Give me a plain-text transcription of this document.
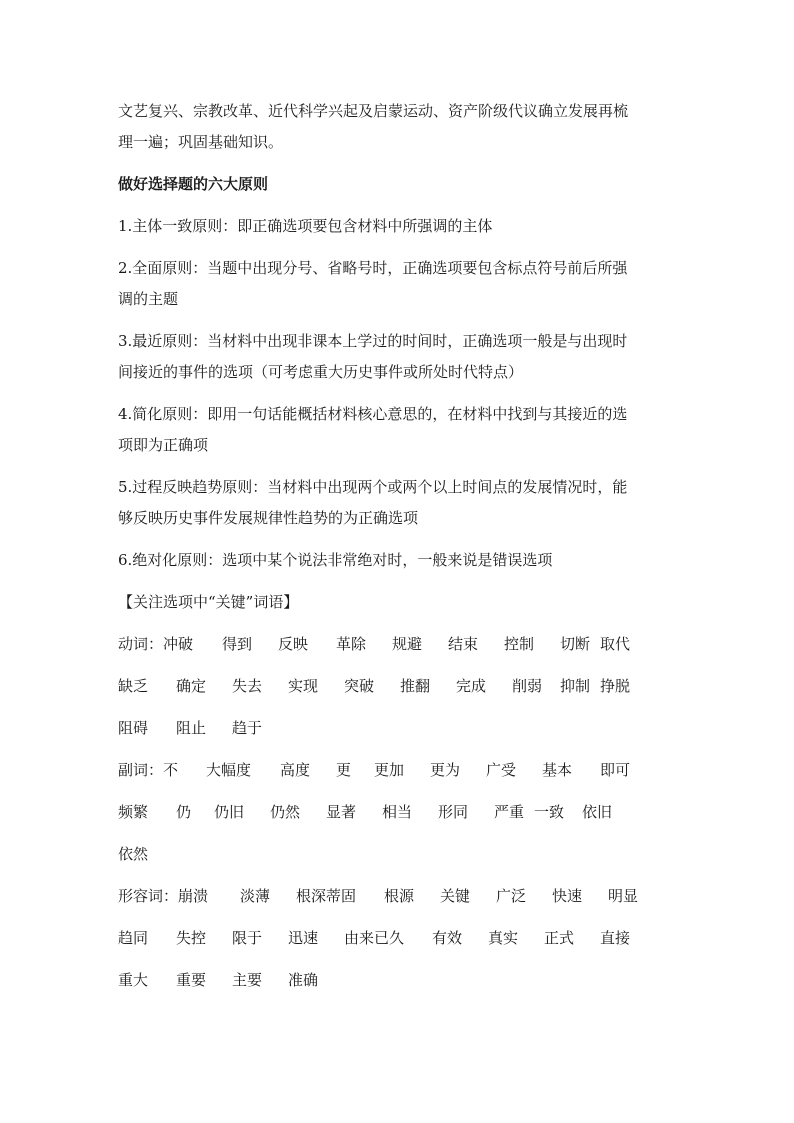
文艺复兴、宗教改革、近代科学兴起及启蒙运动、资产阶级代议确立发展再梳
理一遍；巩固基础知识。
做好选择题的六大原则
1.主体一致原则：即正确选项要包含材料中所强调的主体
2.全面原则：当题中出现分号、省略号时，正确选项要包含标点符号前后所强
调的主题
3.最近原则：当材料中出现非课本上学过的时间时，正确选项一般是与出现时
间接近的事件的选项（可考虑重大历史事件或所处时代特点）
4.简化原则：即用一句话能概括材料核心意思的，在材料中找到与其接近的选
项即为正确项
5.过程反映趋势原则：当材料中出现两个或两个以上时间点的发展情况时，能
够反映历史事件发展规律性趋势的为正确选项
6.绝对化原则：选项中某个说法非常绝对时，一般来说是错误选项
【关注选项中“关键”词语】
动词：冲破 得到 反映 革除 规避 结束 控制 切断 取代
缺乏 确定 失去 实现 突破 推翻 完成 削弱 抑制 挣脱
阻碍 阻止 趋于
副词：不 大幅度 高度 更 更加 更为 广受 基本 即可
频繁 仍 仍旧 仍然 显著 相当 形同 严重 一致 依旧
依然
形容词：崩溃 淡薄 根深蒂固 根源 关键 广泛 快速 明显
趋同 失控 限于 迅速 由来已久 有效 真实 正式 直接
重大 重要 主要 准确
